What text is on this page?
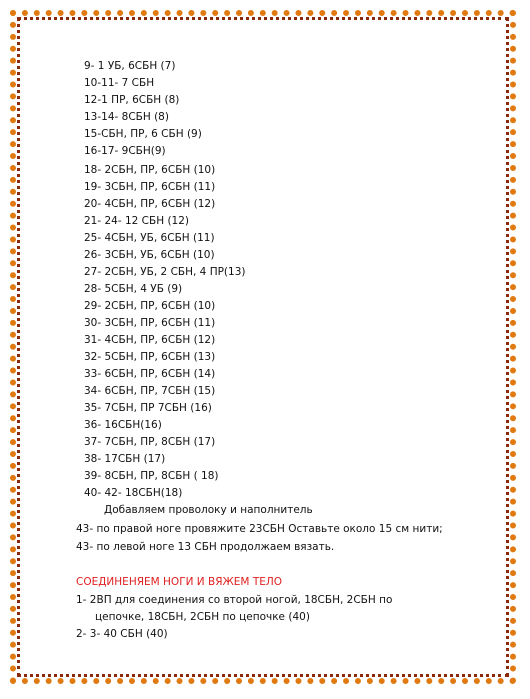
9- 1 УБ, 6СБН (7)
10-11- 7 СБН
12-1 ПР, 6СБН (8)
13-14- 8СБН (8)
15-СБН, ПР, 6 СБН (9)
16-17- 9СБН(9)
18- 2СБН, ПР, 6СБН (10)
19- 3СБН, ПР, 6СБН (11)
20- 4СБН, ПР, 6СБН (12)
21- 24- 12 СБН (12)
25- 4СБН, УБ, 6СБН (11)
26- 3СБН, УБ, 6СБН (10)
27- 2СБН, УБ, 2 СБН, 4 ПР(13)
28- 5СБН, 4 УБ (9)
29- 2СБН, ПР, 6СБН (10)
30- 3СБН, ПР, 6СБН (11)
31- 4СБН, ПР, 6СБН (12)
32- 5СБН, ПР, 6СБН (13)
33- 6СБН, ПР, 6СБН (14)
34- 6СБН, ПР, 7СБН (15)
35- 7СБН, ПР 7СБН (16)
36- 16СБН(16)
37- 7СБН, ПР, 8СБН (17)
38- 17СБН (17)
39- 8СБН, ПР, 8СБН ( 18)
40- 42- 18СБН(18)
Добавляем проволоку и наполнитель
43- по правой ноге провяжите 23СБН Оставьте около 15 см нити;
43- по левой ноге 13 СБН продолжаем вязать.
СОЕДИНЕНЯЕМ НОГИ И ВЯЖЕМ ТЕЛО
1- 2ВП для соединения со второй ногой, 18СБН, 2СБН по
цепочке, 18СБН, 2СБН по цепочке (40)
2- 3- 40 СБН (40)
